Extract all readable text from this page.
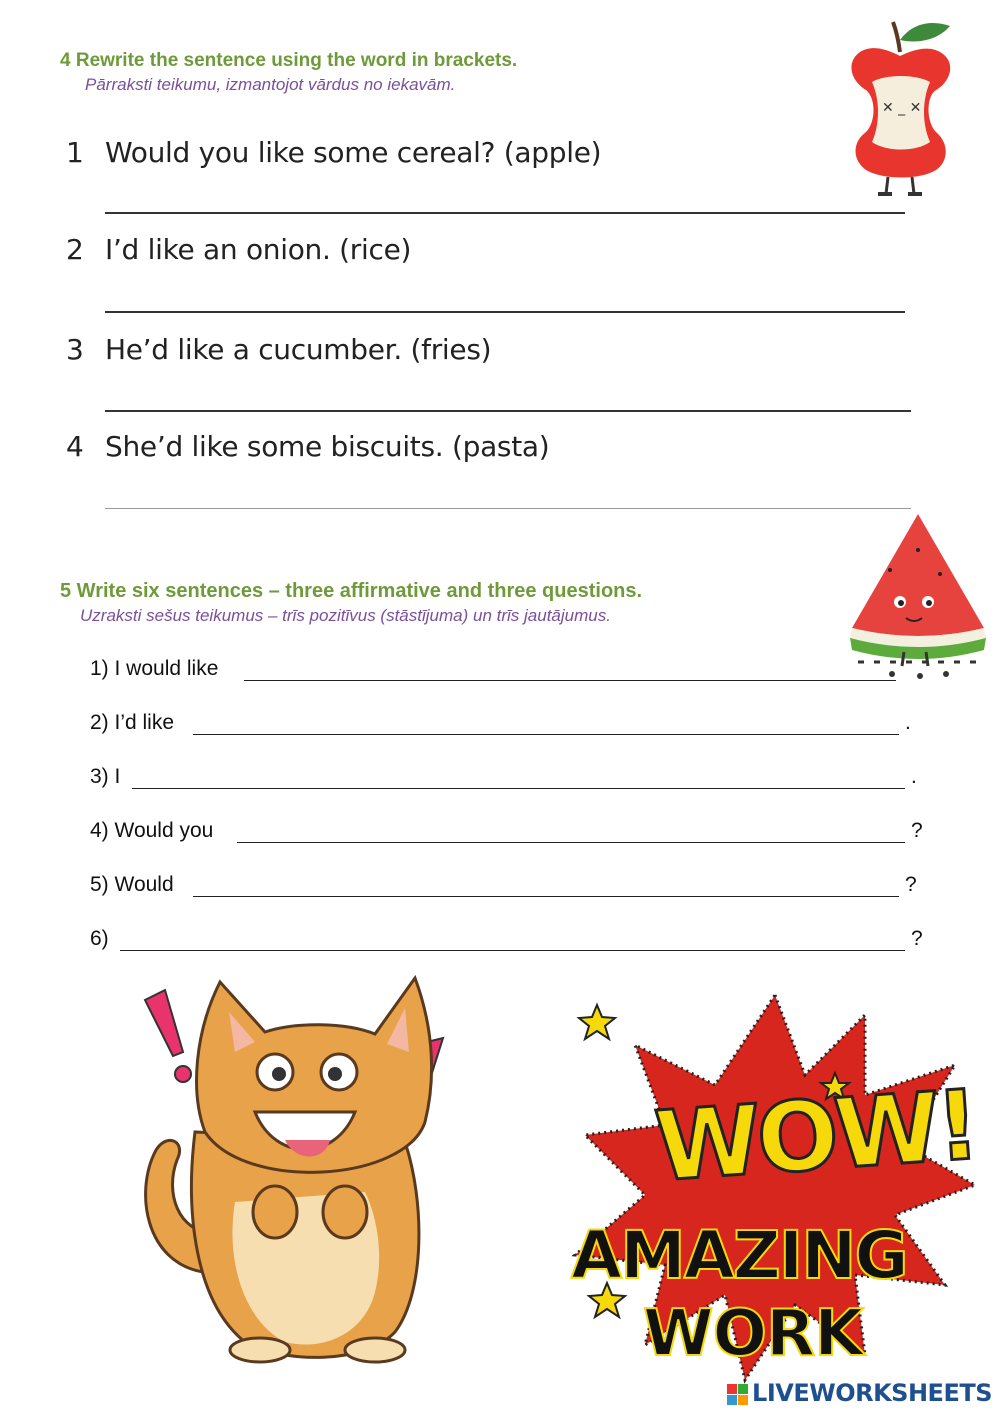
4 Rewrite the sentence using the word in brackets.
Pārraksti teikumu, izmantojot vārdus no iekavām.
✕ _ ✕
1 Would you like some cereal? (apple)
2 I’d like an onion. (rice)
3 He’d like a cucumber. (fries)
4 She’d like some biscuits. (pasta)
5 Write six sentences – three affirmative and three questions.
Uzraksti sešus teikumus – trīs pozitīvus (stāstījuma) un trīs jautājumus.
1) I would like
2) I’d like	.
3) I	.
4) Would you	?
5) Would	?
6)	?
WOW!
AMAZING
WORK
LIVEWORKSHEETS
